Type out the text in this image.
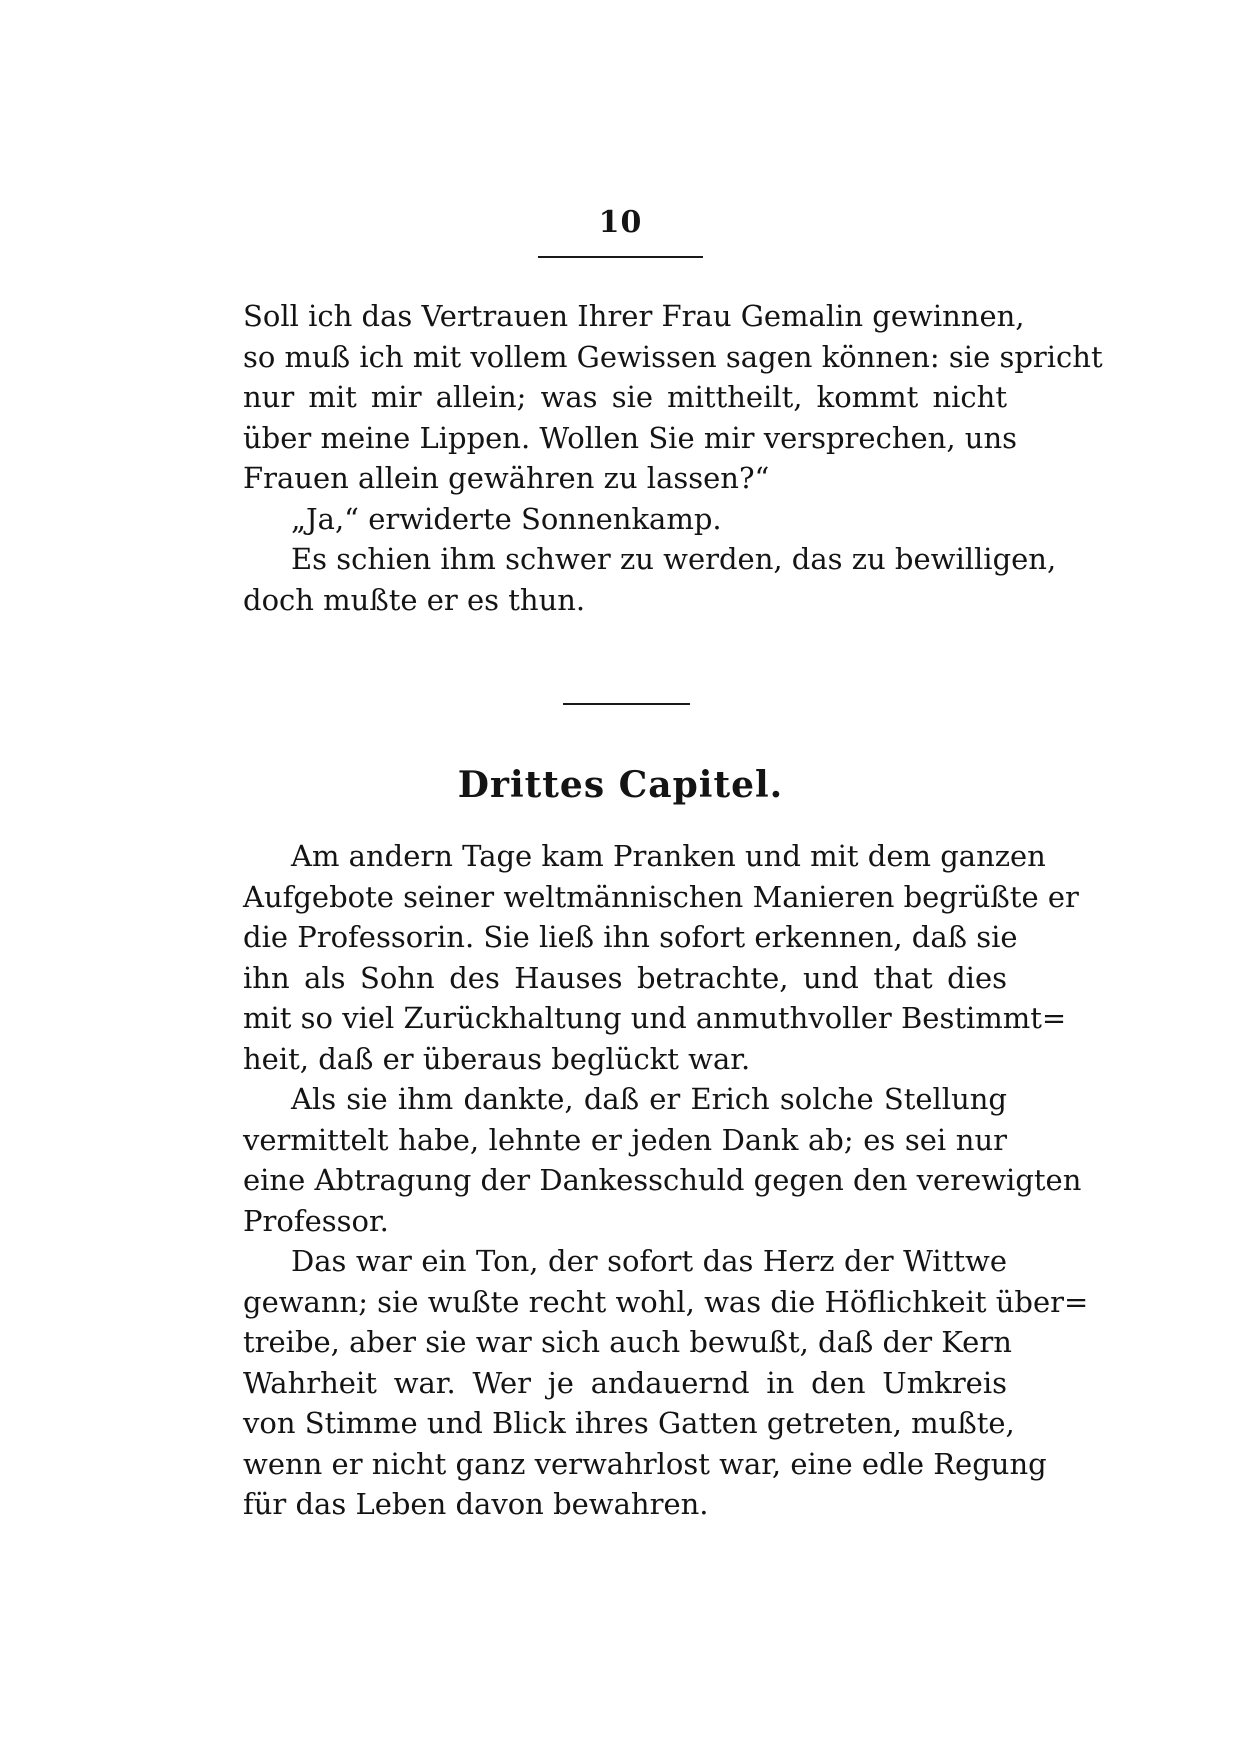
10
Soll ich das Vertrauen Ihrer Frau Gemalin gewinnen,
so muß ich mit vollem Gewissen sagen können: sie spricht
nur mit mir allein; was sie mittheilt, kommt nicht
über meine Lippen. Wollen Sie mir versprechen, uns
Frauen allein gewähren zu lassen?“
„Ja,“ erwiderte Sonnenkamp.
Es schien ihm schwer zu werden, das zu bewilligen,
doch mußte er es thun.
Drittes Capitel.
Am andern Tage kam Pranken und mit dem ganzen
Aufgebote seiner weltmännischen Manieren begrüßte er
die Professorin. Sie ließ ihn sofort erkennen, daß sie
ihn als Sohn des Hauses betrachte, und that dies
mit so viel Zurückhaltung und anmuthvoller Bestimmt=
heit, daß er überaus beglückt war.
Als sie ihm dankte, daß er Erich solche Stellung
vermittelt habe, lehnte er jeden Dank ab; es sei nur
eine Abtragung der Dankesschuld gegen den verewigten
Professor.
Das war ein Ton, der sofort das Herz der Wittwe
gewann; sie wußte recht wohl, was die Höflichkeit über=
treibe, aber sie war sich auch bewußt, daß der Kern
Wahrheit war. Wer je andauernd in den Umkreis
von Stimme und Blick ihres Gatten getreten, mußte,
wenn er nicht ganz verwahrlost war, eine edle Regung
für das Leben davon bewahren.
